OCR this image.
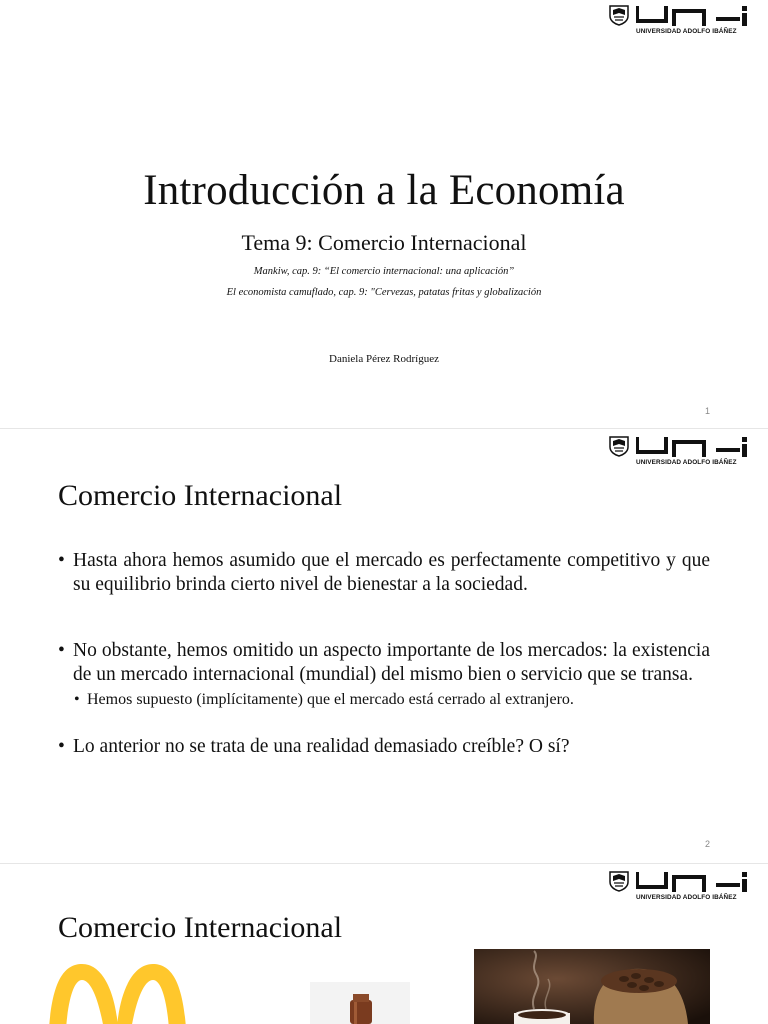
UNIVERSIDAD ADOLFO IBÁÑEZ
Introducción a la Economía
Tema 9: Comercio Internacional
Mankiw, cap. 9: “El comercio internacional: una aplicación”
El economista camuflado, cap. 9: "Cervezas, patatas fritas y globalización
Daniela Pérez Rodríguez
1
UNIVERSIDAD ADOLFO IBÁÑEZ
Comercio Internacional
• Hasta ahora hemos asumido que el mercado es perfectamente competitivo y que su equilibrio brinda cierto nivel de bienestar a la sociedad.
• No obstante, hemos omitido un aspecto importante de los mercados: la existencia de un mercado internacional (mundial) del mismo bien o servicio que se transa.
• Hemos supuesto (implícitamente) que el mercado está cerrado al extranjero.
• Lo anterior no se trata de una realidad demasiado creíble? O sí?
2
UNIVERSIDAD ADOLFO IBÁÑEZ
Comercio Internacional
